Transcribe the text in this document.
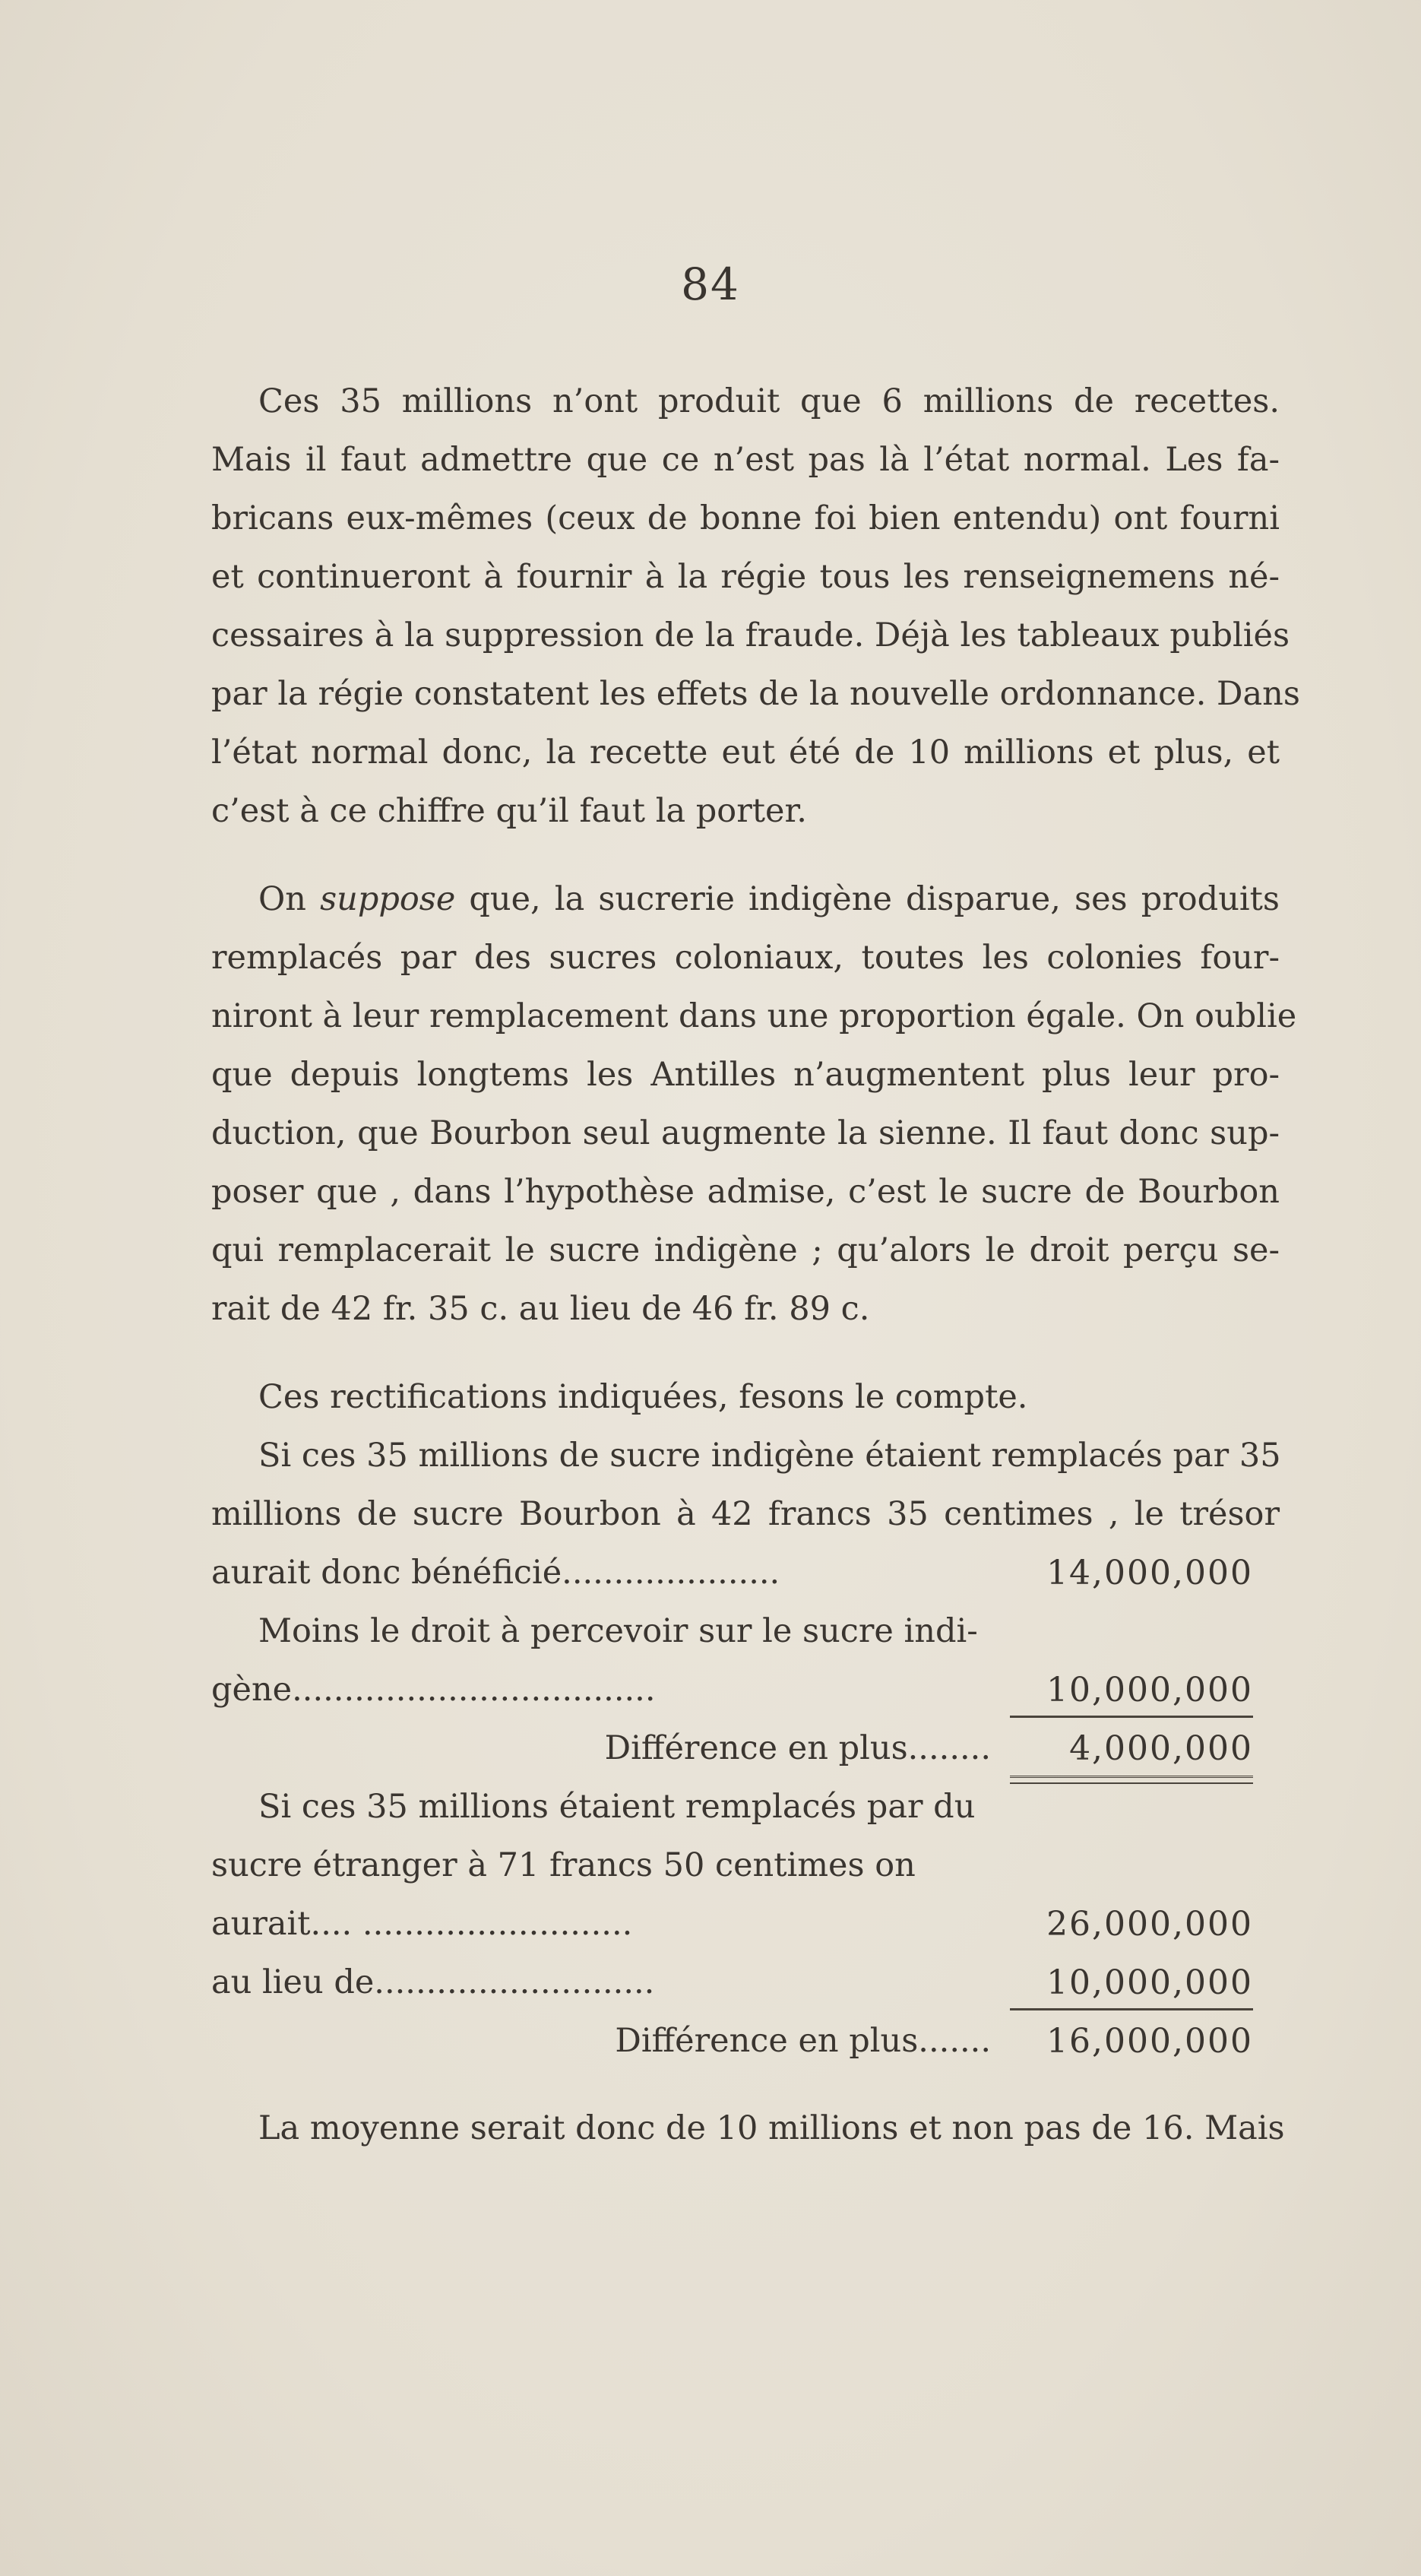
84
Ces 35 millions n’ont produit que 6 millions de recettes.
Mais il faut admettre que ce n’est pas là l’état normal. Les fa-
bricans eux-mêmes (ceux de bonne foi bien entendu) ont fourni
et continueront à fournir à la régie tous les renseignemens né-
cessaires à la suppression de la fraude. Déjà les tableaux publiés
par la régie constatent les effets de la nouvelle ordonnance. Dans
l’état normal donc, la recette eut été de 10 millions et plus, et
c’est à ce chiffre qu’il faut la porter.
On suppose que, la sucrerie indigène disparue, ses produits
remplacés par des sucres coloniaux, toutes les colonies four-
niront à leur remplacement dans une proportion égale. On oublie
que depuis longtems les Antilles n’augmentent plus leur pro-
duction, que Bourbon seul augmente la sienne. Il faut donc sup-
poser que , dans l’hypothèse admise, c’est le sucre de Bourbon
qui remplacerait le sucre indigène ; qu’alors le droit perçu se-
rait de 42 fr. 35 c. au lieu de 46 fr. 89 c.
Ces rectifications indiquées, fesons le compte.
Si ces 35 millions de sucre indigène étaient remplacés par 35
millions de sucre Bourbon à 42 francs 35 centimes , le trésor
aurait donc bénéficié.....................	14,000,000
Moins le droit à percevoir sur le sucre indi-
gène...................................	10,000,000
Différence en plus........	4,000,000
Si ces 35 millions étaient remplacés par du
sucre étranger à 71 francs 50 centimes on
aurait.... ..........................	26,000,000
au lieu de...........................	10,000,000
Différence en plus.......	16,000,000
La moyenne serait donc de 10 millions et non pas de 16. Mais
